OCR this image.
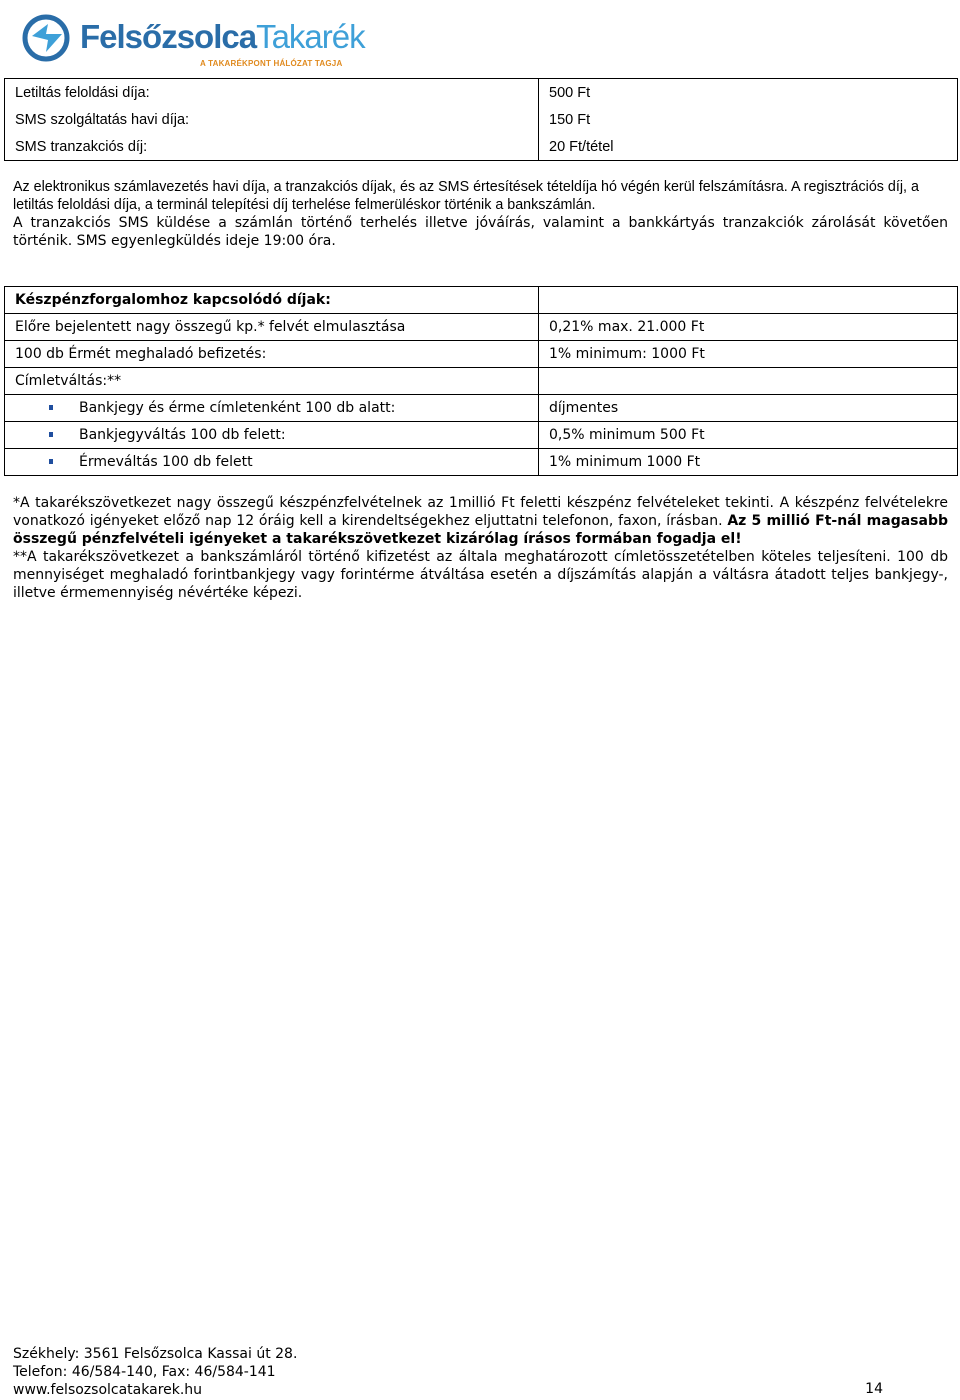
FelsőzsolcaTakarék
A TAKARÉKPONT HÁLÓZAT TAGJA
Letiltás feloldási díja:	500 Ft
SMS szolgáltatás havi díja:	150 Ft
SMS tranzakciós díj:	20 Ft/tétel
Az elektronikus számlavezetés havi díja, a tranzakciós díjak, és az SMS értesítések tételdíja hó végén kerül felszámításra. A regisztrációs díj, a letiltás feloldási díja, a terminál telepítési díj terhelése felmerüléskor történik a bankszámlán.
A tranzakciós SMS küldése a számlán történő terhelés illetve jóváírás, valamint a bankkártyás tranzakciók zárolását követően történik. SMS egyenlegküldés ideje 19:00 óra.
Készpénzforgalomhoz kapcsolódó díjak:	
Előre bejelentett nagy összegű kp.* felvét elmulasztása	0,21% max. 21.000 Ft
100 db Érmét meghaladó befizetés:	1% minimum: 1000 Ft
Címletváltás:**	

Bankjegy és érme címletenként 100 db alatt:	díjmentes

Bankjegyváltás 100 db felett:	0,5% minimum 500 Ft

Érmeváltás 100 db felett	1% minimum 1000 Ft

*A takarékszövetkezet nagy összegű készpénzfelvételnek az 1millió Ft feletti készpénz felvételeket tekinti. A készpénz felvételekre vonatkozó igényeket előző nap 12 óráig kell a kirendeltségekhez eljuttatni telefonon, faxon, írásban. Az 5 millió Ft-nál magasabb összegű pénzfelvételi igényeket a takarékszövetkezet kizárólag írásos formában fogadja el!

**A takarékszövetkezet a bankszámláról történő kifizetést az általa meghatározott címletösszetételben köteles teljesíteni. 100 db mennyiséget meghaladó forintbankjegy vagy forintérme átváltása esetén a díjszámítás alapján a váltásra átadott teljes bankjegy-, illetve érmemennyiség névértéke képezi.

Székhely: 3561 Felsőzsolca Kassai út 28.
Telefon: 46/584-140, Fax: 46/584-141
www.felsozsolcatakarek.hu	14
